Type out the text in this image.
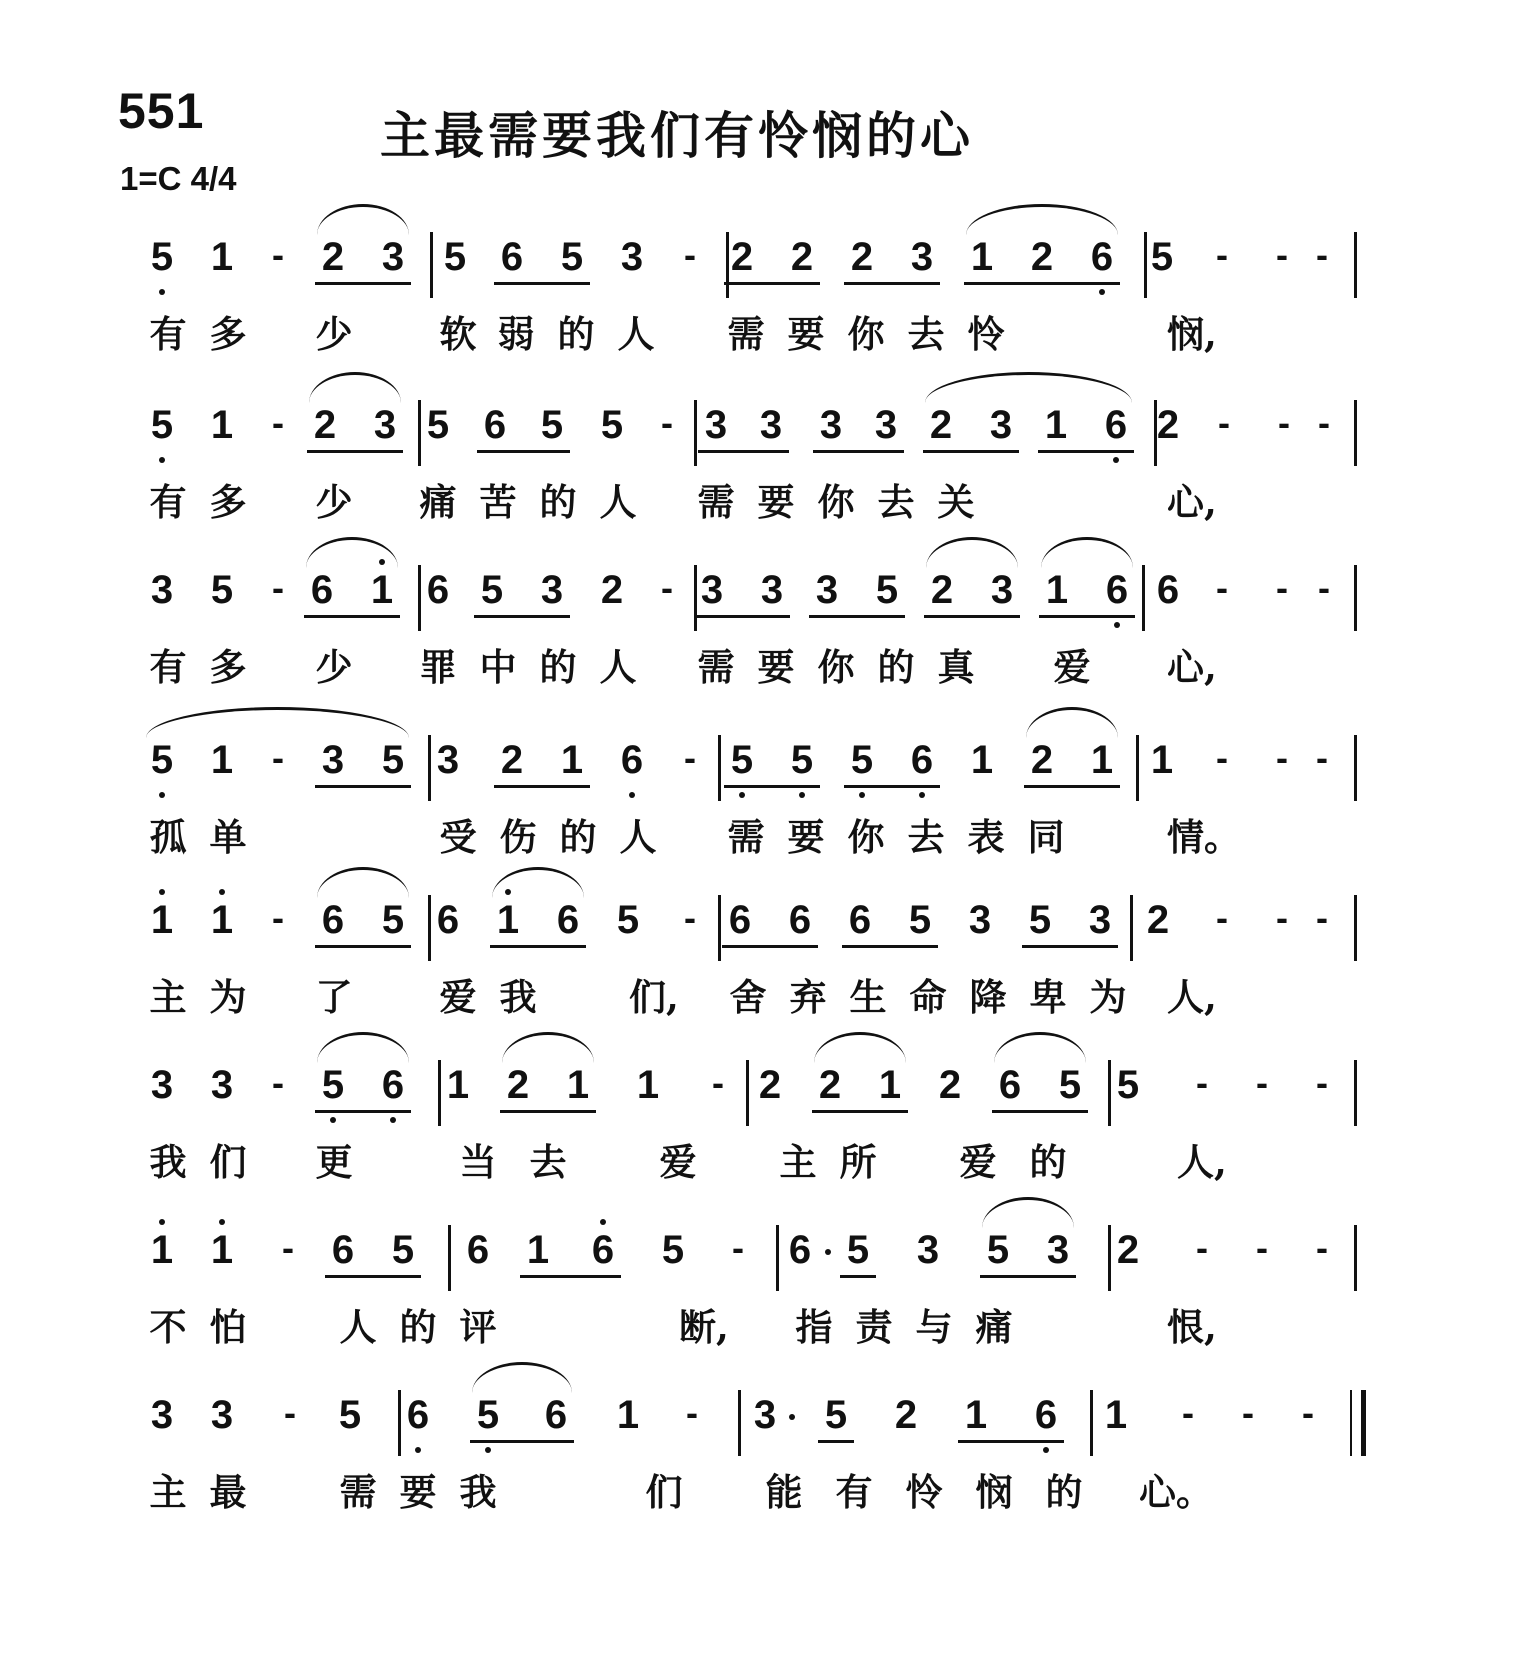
551	主最需要我们有怜悯的心
1=C 4/4
5 1 - 2 3 5 6 5 3 - 2 2 2 3 1 2 6 5 - - -
有 多 少 软 弱 的 人 需 要 你 去 怜	悯,
5 1 - 2 3 5 6 5 5 - 3 3 3 3 2 3 1 6 2 - - -
有 多 少 痛 苦 的 人 需 要 你 去 关	心,
3 5 - 6 1 6 5 3 2 - 3 3 3 5 2 3 1 6 6 - - -
有 多 少 罪 中 的 人 需 要 你 的 真 爱 心,
5 1 - 3 5 3 2 1 6 - 5 5 5 6 1 2 1 1 - - -
孤 单	受 伤 的 人 需 要 你 去 表 同	情。
1 1 - 6 5 6 1 6 5 - 6 6 6 5 3 5 3 2 - - -
主 为 了 爱 我	们, 舍 弃 生 命 降 卑 为 人,
3 3 - 5 6 1 2 1 1 - 2 2 1 2 6 5 5 - - -
我 们 更	当 去	爱 主 所 爱 的	人,
1 1 - 6 5 6 1 6 5 - 6 5 3 5 3 2 - - -
不 怕	人 的 评	断, 指 责 与 痛	恨,
3 3 - 5 6 5 6 1 - 3 5 2 1 6 1 - - -
主 最	需 要 我	们 能 有 怜 悯 的 心。
